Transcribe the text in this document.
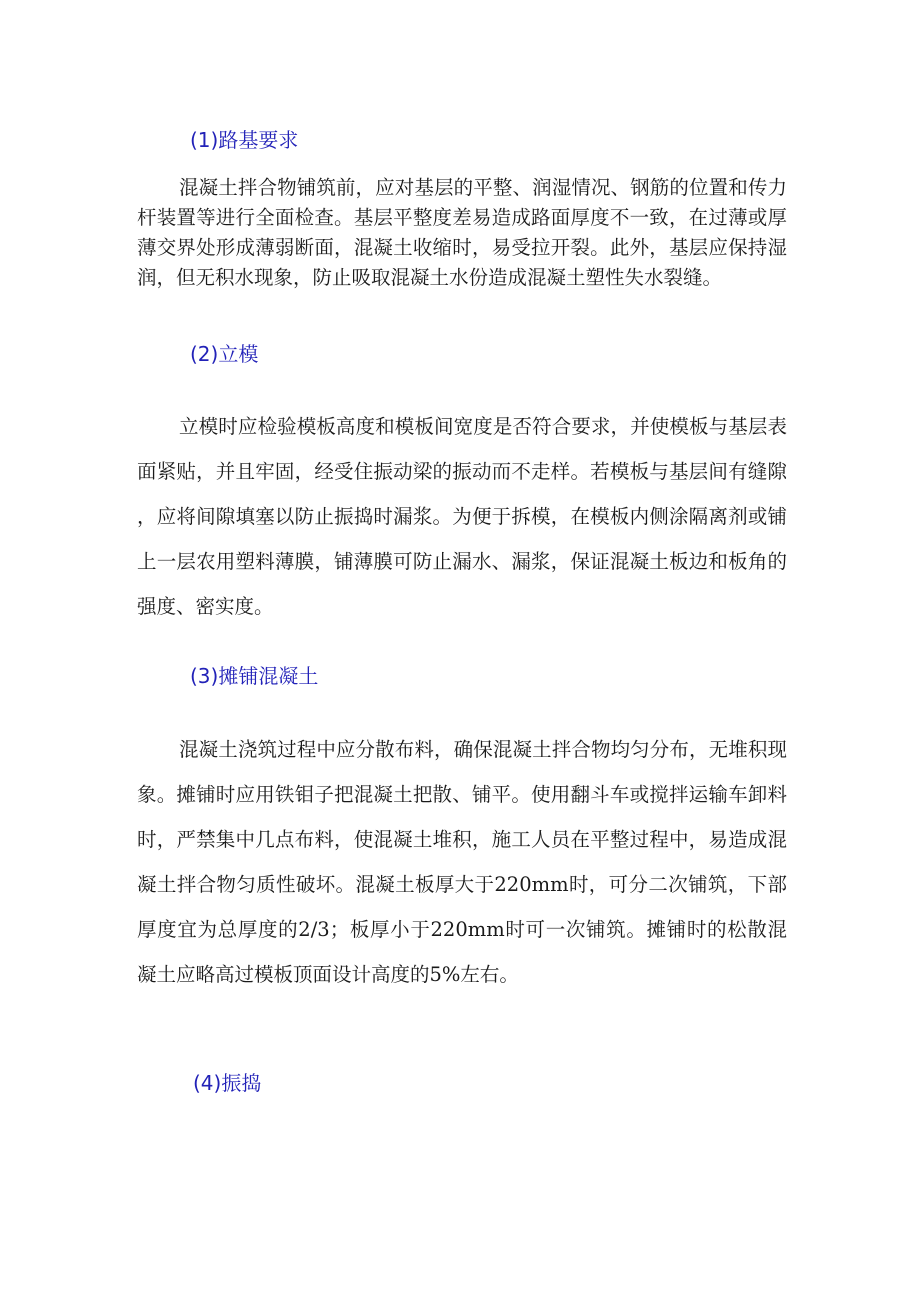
(1)路基要求

混凝土拌合物铺筑前，应对基层的平整、润湿情况、钢筋的位置和传力杆装置等进行全面检查。基层平整度差易造成路面厚度不一致，在过薄或厚薄交界处形成薄弱断面，混凝土收缩时，易受拉开裂。此外，基层应保持湿润，但无积水现象，防止吸取混凝土水份造成混凝土塑性失水裂缝。

(2)立模

立模时应检验模板高度和模板间宽度是否符合要求，并使模板与基层表面紧贴，并且牢固，经受住振动梁的振动而不走样。若模板与基层间有缝隙，应将间隙填塞以防止振捣时漏浆。为便于拆模，在模板内侧涂隔离剂或铺上一层农用塑料薄膜，铺薄膜可防止漏水、漏浆，保证混凝土板边和板角的强度、密实度。

(3)摊铺混凝土

混凝土浇筑过程中应分散布料，确保混凝土拌合物均匀分布，无堆积现象。摊铺时应用铁钼子把混凝土把散、铺平。使用翻斗车或搅拌运输车卸料时，严禁集中几点布料，使混凝土堆积，施工人员在平整过程中，易造成混凝土拌合物匀质性破坏。混凝土板厚大于220mm时，可分二次铺筑，下部厚度宜为总厚度的2/3；板厚小于220mm时可一次铺筑。摊铺时的松散混凝土应略高过模板顶面设计高度的5%左右。

(4)振捣
